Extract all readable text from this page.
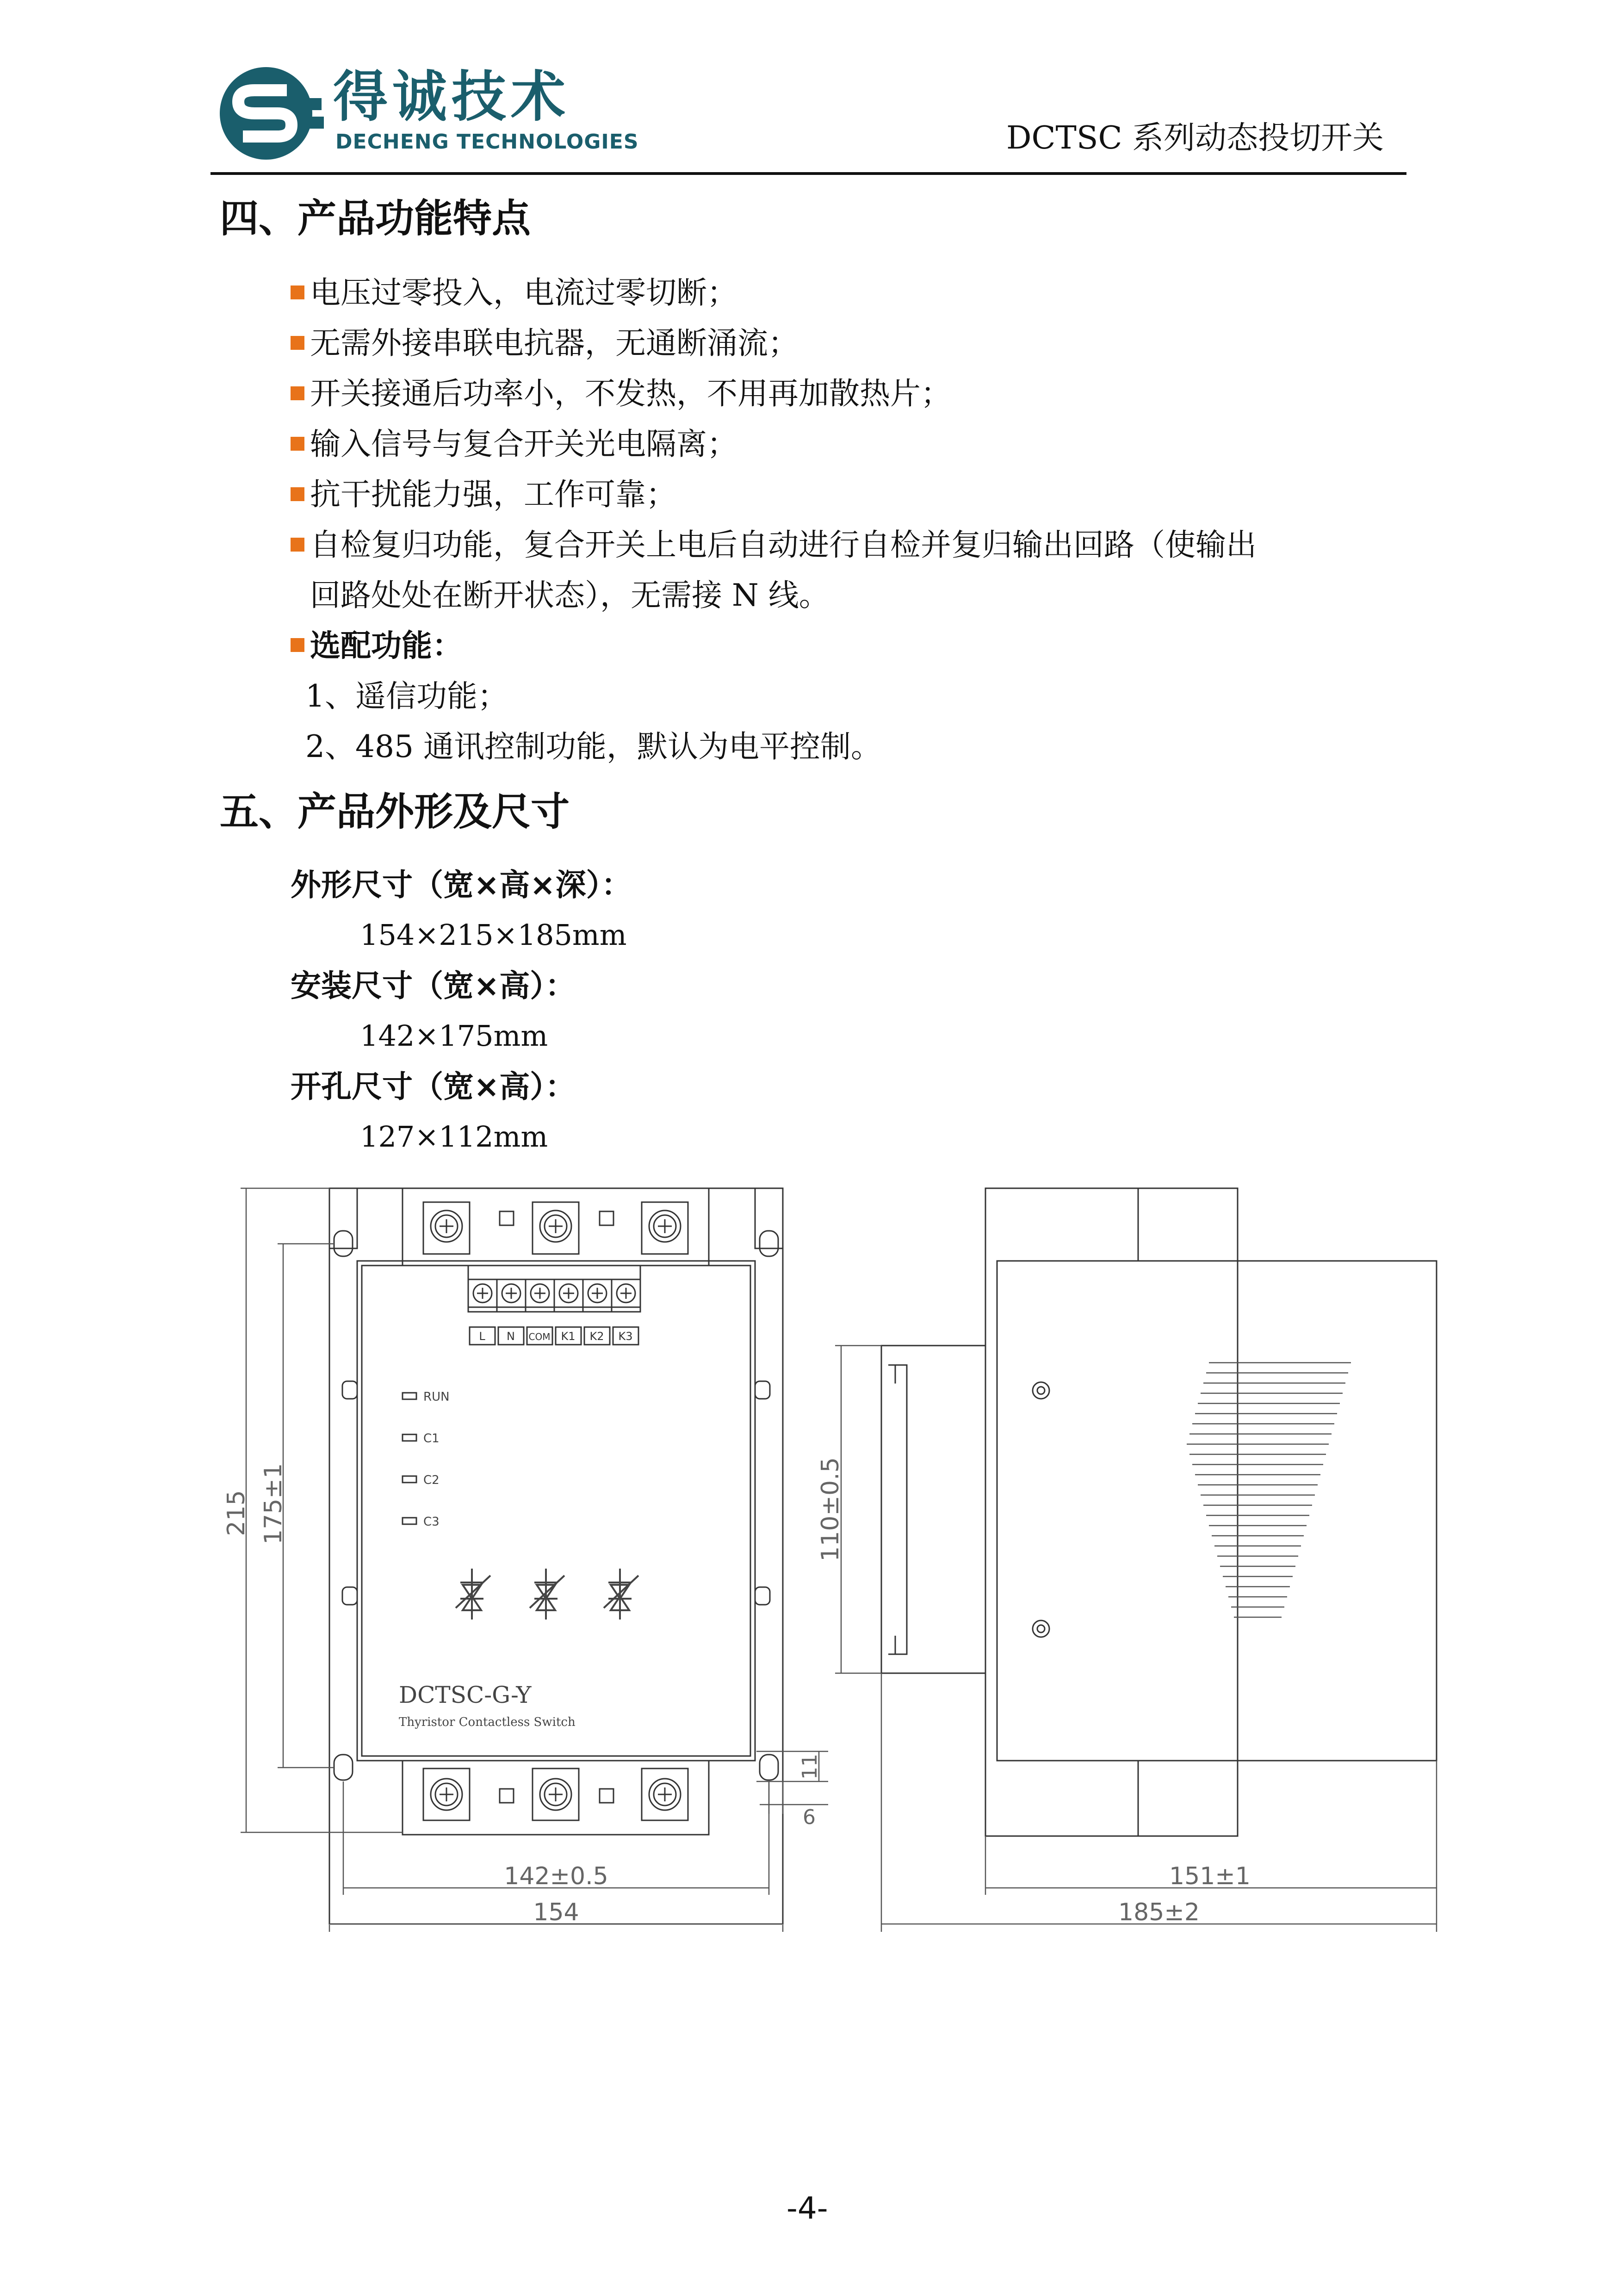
得诚技术
DECHENG TECHNOLOGIES	DCTSC 系列动态投切开关
四、产品功能特点
电压过零投入，电流过零切断；
无需外接串联电抗器，无通断涌流；
开关接通后功率小，不发热，不用再加散热片；
输入信号与复合开关光电隔离；
抗干扰能力强，工作可靠；
自检复归功能，复合开关上电后自动进行自检并复归输出回路（使输出
回路处处在断开状态），无需接 N 线。
选配功能：
1、遥信功能；
2、485 通讯控制功能，默认为电平控制。
五、产品外形及尺寸
外形尺寸（宽×高×深）：
154×215×185mm
安装尺寸（宽×高）：
142×175mm
开孔尺寸（宽×高）：
127×112mm
L N COM K1 K2 K3
RUN
C1
C2
C3
DCTSC-G-Y
Thyristor Contactless Switch
215 175±1
142±0.5
154
11
6
110±0.5
151±1
185±2
-4-
